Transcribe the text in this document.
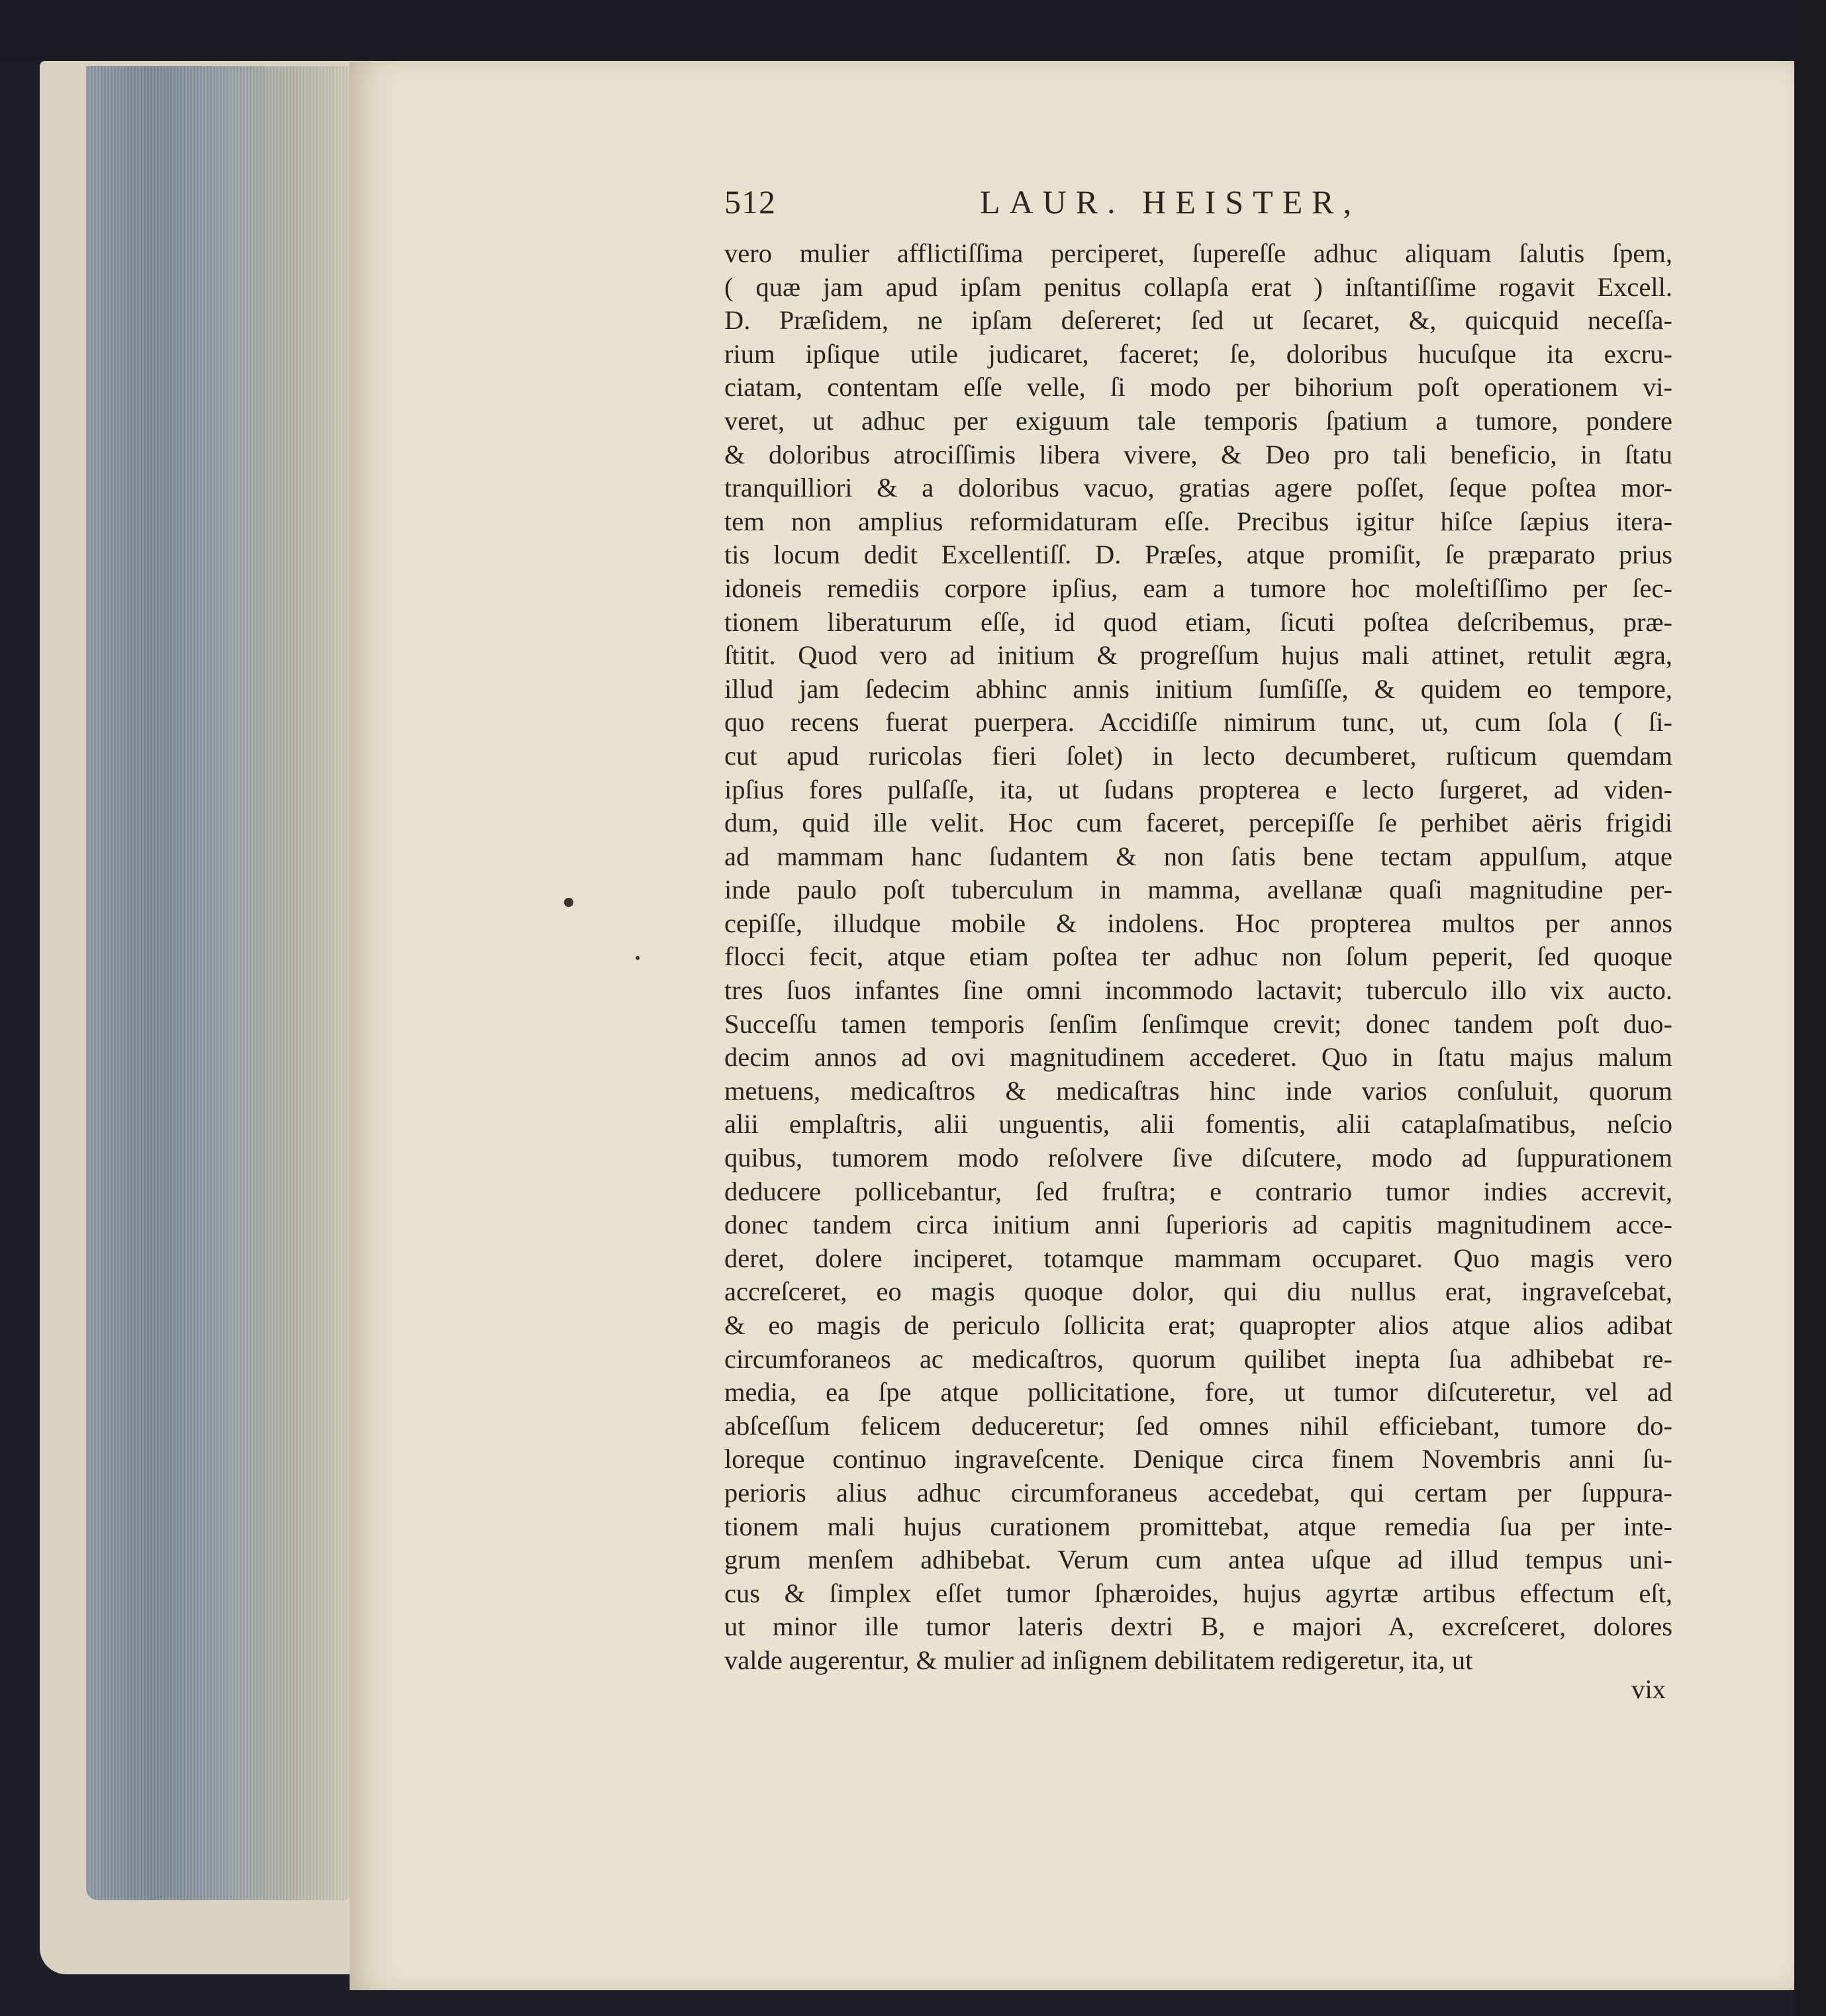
512	LAUR. HEISTER,
vero mulier afflictiſſima perciperet, ſupereſſe adhuc aliquam ſalutis ſpem,
( quæ jam apud ipſam penitus collapſa erat ) inſtantiſſime rogavit Excell.
D. Præſidem, ne ipſam deſereret; ſed ut ſecaret, &, quicquid neceſſa-
rium ipſique utile judicaret, faceret; ſe, doloribus hucuſque ita excru-
ciatam, contentam eſſe velle, ſi modo per bihorium poſt operationem vi-
veret, ut adhuc per exiguum tale temporis ſpatium a tumore, pondere
& doloribus atrociſſimis libera vivere, & Deo pro tali beneficio, in ſtatu
tranquilliori & a doloribus vacuo, gratias agere poſſet, ſeque poſtea mor-
tem non amplius reformidaturam eſſe. Precibus igitur hiſce ſæpius itera-
tis locum dedit Excellentiſſ. D. Præſes, atque promiſit, ſe præparato prius
idoneis remediis corpore ipſius, eam a tumore hoc moleſtiſſimo per ſec-
tionem liberaturum eſſe, id quod etiam, ſicuti poſtea deſcribemus, præ-
ſtitit. Quod vero ad initium & progreſſum hujus mali attinet, retulit ægra,
illud jam ſedecim abhinc annis initium ſumſiſſe, & quidem eo tempore,
quo recens fuerat puerpera. Accidiſſe nimirum tunc, ut, cum ſola ( ſi-
cut apud ruricolas fieri ſolet) in lecto decumberet, ruſticum quemdam
ipſius fores pulſaſſe, ita, ut ſudans propterea e lecto ſurgeret, ad viden-
dum, quid ille velit. Hoc cum faceret, percepiſſe ſe perhibet aëris frigidi
ad mammam hanc ſudantem & non ſatis bene tectam appulſum, atque
inde paulo poſt tuberculum in mamma, avellanæ quaſi magnitudine per-
cepiſſe, illudque mobile & indolens. Hoc propterea multos per annos
flocci fecit, atque etiam poſtea ter adhuc non ſolum peperit, ſed quoque
tres ſuos infantes ſine omni incommodo lactavit; tuberculo illo vix aucto.
Succeſſu tamen temporis ſenſim ſenſimque crevit; donec tandem poſt duo-
decim annos ad ovi magnitudinem accederet. Quo in ſtatu majus malum
metuens, medicaſtros & medicaſtras hinc inde varios conſuluit, quorum
alii emplaſtris, alii unguentis, alii fomentis, alii cataplaſmatibus, neſcio
quibus, tumorem modo reſolvere ſive diſcutere, modo ad ſuppurationem
deducere pollicebantur, ſed fruſtra; e contrario tumor indies accrevit,
donec tandem circa initium anni ſuperioris ad capitis magnitudinem acce-
deret, dolere inciperet, totamque mammam occuparet. Quo magis vero
accreſceret, eo magis quoque dolor, qui diu nullus erat, ingraveſcebat,
& eo magis de periculo ſollicita erat; quapropter alios atque alios adibat
circumforaneos ac medicaſtros, quorum quilibet inepta ſua adhibebat re-
media, ea ſpe atque pollicitatione, fore, ut tumor diſcuteretur, vel ad
abſceſſum felicem deduceretur; ſed omnes nihil efficiebant, tumore do-
loreque continuo ingraveſcente. Denique circa finem Novembris anni ſu-
perioris alius adhuc circumforaneus accedebat, qui certam per ſuppura-
tionem mali hujus curationem promittebat, atque remedia ſua per inte-
grum menſem adhibebat. Verum cum antea uſque ad illud tempus uni-
cus & ſimplex eſſet tumor ſphæroides, hujus agyrtæ artibus effectum eſt,
ut minor ille tumor lateris dextri B, e majori A, excreſceret, dolores
valde augerentur, & mulier ad inſignem debilitatem redigeretur, ita, ut
vix
